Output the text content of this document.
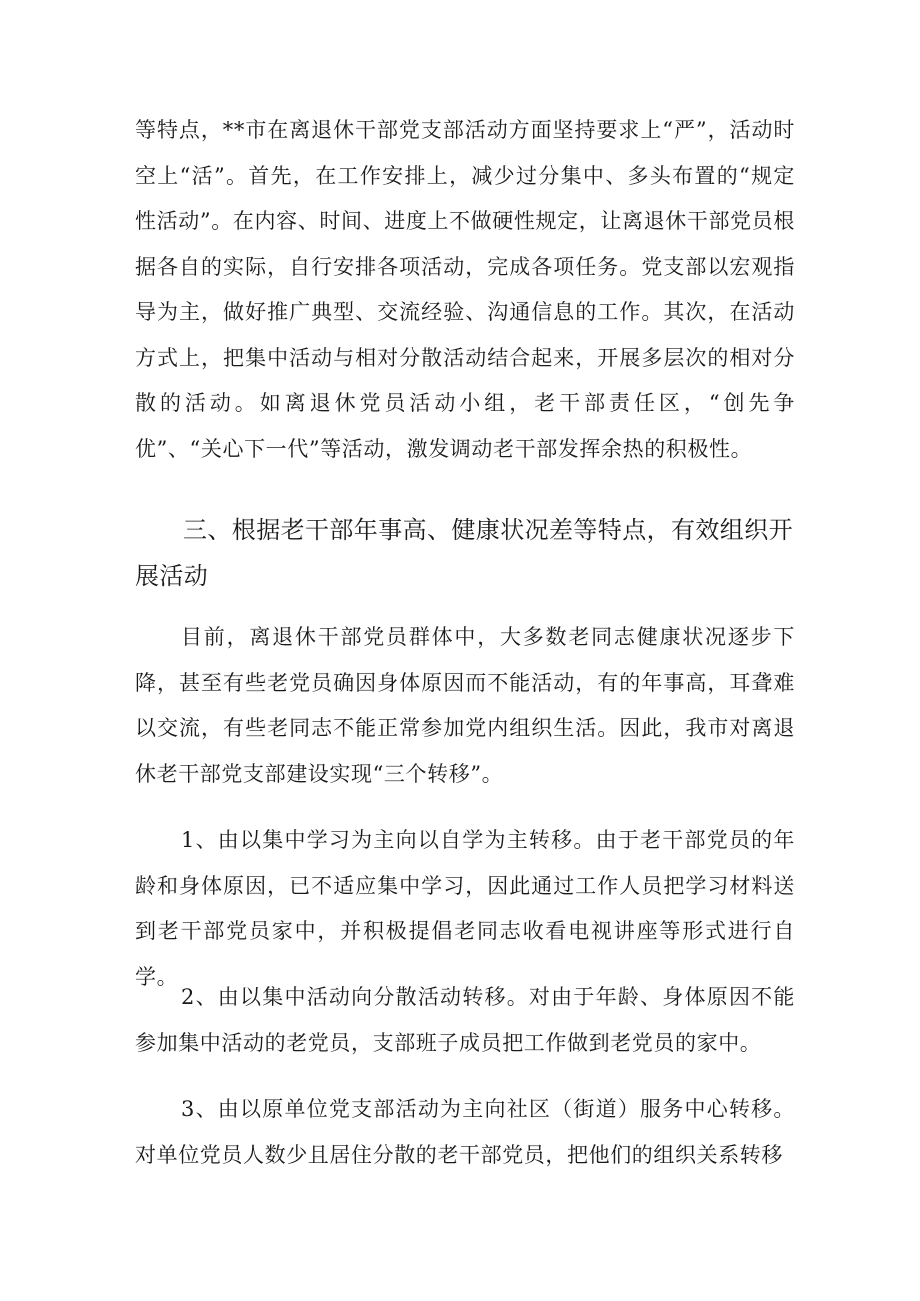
等特点，**市在离退休干部党支部活动方面坚持要求上“严”，活动时空上“活”。首先，在工作安排上，减少过分集中、多头布置的“规定性活动”。在内容、时间、进度上不做硬性规定，让离退休干部党员根据各自的实际，自行安排各项活动，完成各项任务。党支部以宏观指导为主，做好推广典型、交流经验、沟通信息的工作。其次，在活动方式上，把集中活动与相对分散活动结合起来，开展多层次的相对分散的活动。如离退休党员活动小组，老干部责任区，“创先争优”、“关心下一代”等活动，激发调动老干部发挥余热的积极性。

三、根据老干部年事高、健康状况差等特点，有效组织开展活动

目前，离退休干部党员群体中，大多数老同志健康状况逐步下降，甚至有些老党员确因身体原因而不能活动，有的年事高，耳聋难以交流，有些老同志不能正常参加党内组织生活。因此，我市对离退休老干部党支部建设实现“三个转移”。

1、由以集中学习为主向以自学为主转移。由于老干部党员的年龄和身体原因，已不适应集中学习，因此通过工作人员把学习材料送到老干部党员家中，并积极提倡老同志收看电视讲座等形式进行自学。

2、由以集中活动向分散活动转移。对由于年龄、身体原因不能参加集中活动的老党员，支部班子成员把工作做到老党员的家中。

3、由以原单位党支部活动为主向社区（街道）服务中心转移。对单位党员人数少且居住分散的老干部党员，把他们的组织关系转移
